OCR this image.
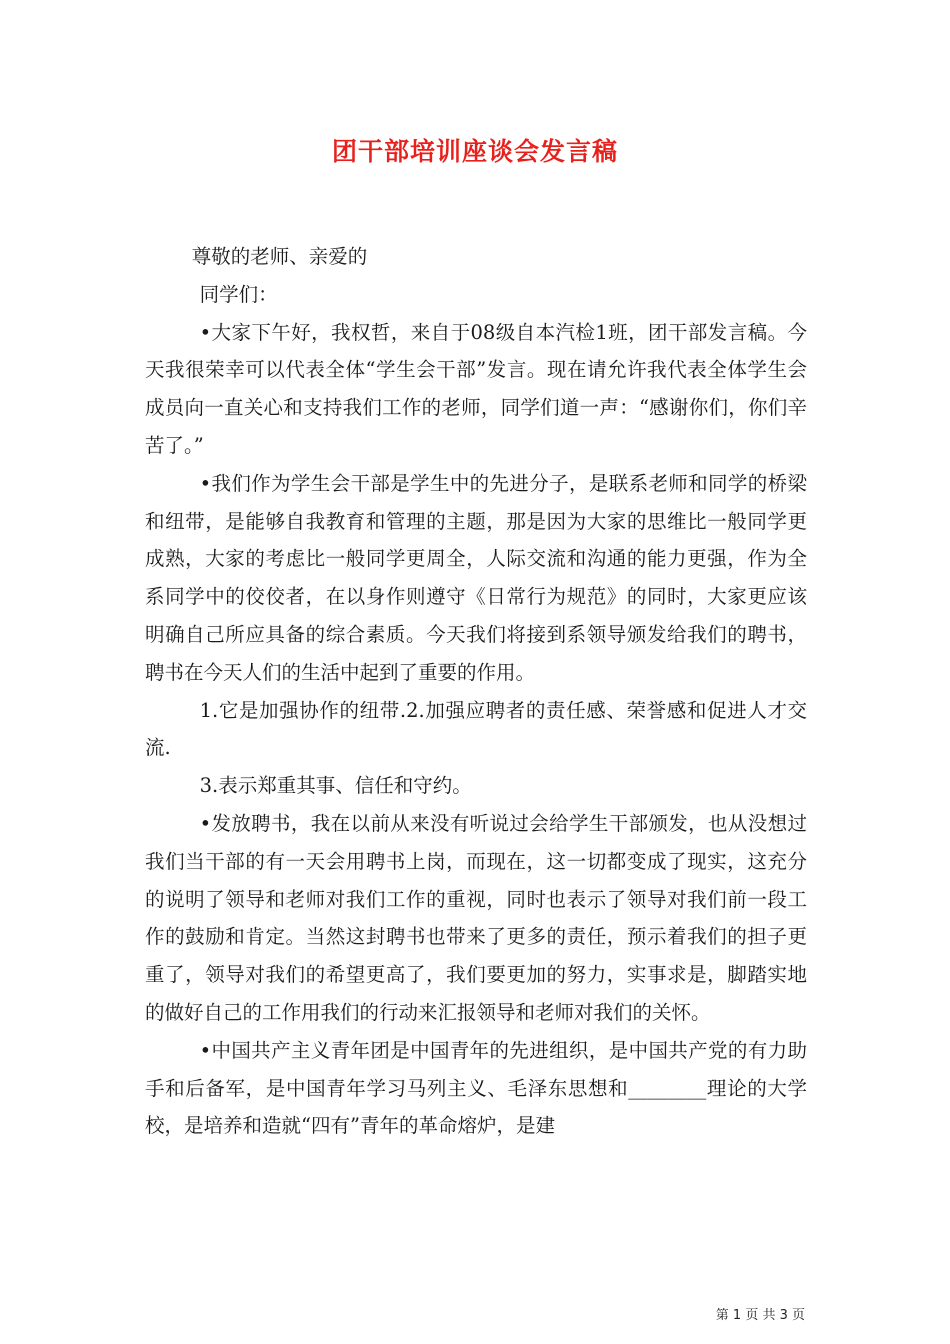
团干部培训座谈会发言稿

尊敬的老师、亲爱的

同学们：

•大家下午好，我权哲，来自于08级自本汽检1班，团干部发言稿。今天我很荣幸可以代表全体“学生会干部”发言。现在请允许我代表全体学生会成员向一直关心和支持我们工作的老师，同学们道一声：“感谢你们，你们辛苦了。”

•我们作为学生会干部是学生中的先进分子，是联系老师和同学的桥梁和纽带，是能够自我教育和管理的主题，那是因为大家的思维比一般同学更成熟，大家的考虑比一般同学更周全，人际交流和沟通的能力更强，作为全系同学中的佼佼者，在以身作则遵守《日常行为规范》的同时，大家更应该明确自己所应具备的综合素质。今天我们将接到系领导颁发给我们的聘书，聘书在今天人们的生活中起到了重要的作用。

1.它是加强协作的纽带.2.加强应聘者的责任感、荣誉感和促进人才交流.

3.表示郑重其事、信任和守约。

•发放聘书，我在以前从来没有听说过会给学生干部颁发，也从没想过我们当干部的有一天会用聘书上岗，而现在，这一切都变成了现实，这充分的说明了领导和老师对我们工作的重视，同时也表示了领导对我们前一段工作的鼓励和肯定。当然这封聘书也带来了更多的责任，预示着我们的担子更重了，领导对我们的希望更高了，我们要更加的努力，实事求是，脚踏实地的做好自己的工作用我们的行动来汇报领导和老师对我们的关怀。

•中国共产主义青年团是中国青年的先进组织，是中国共产党的有力助手和后备军，是中国青年学习马列主义、毛泽东思想和________理论的大学校，是培养和造就“四有”青年的革命熔炉，是建

第 1 页 共 3 页
